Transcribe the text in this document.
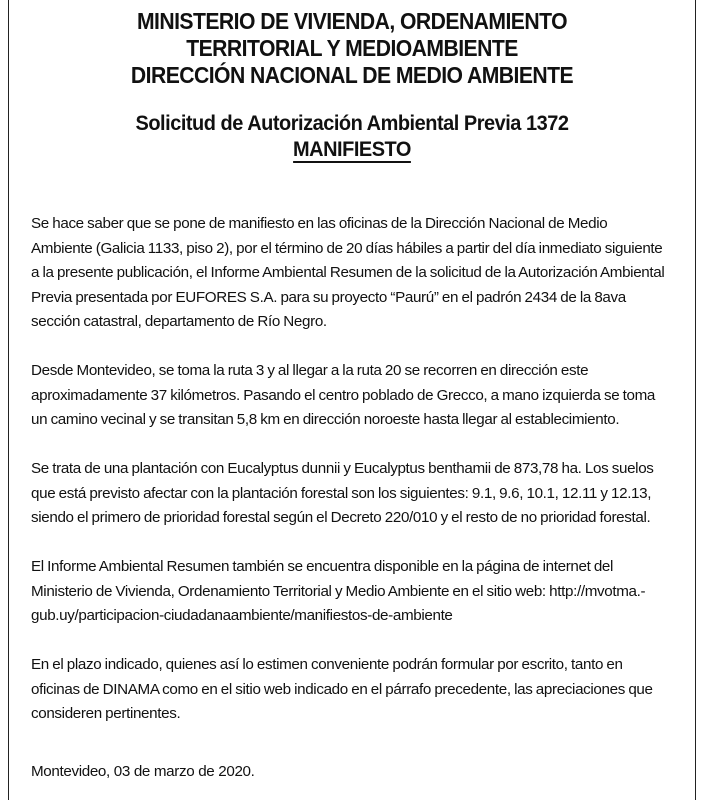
MINISTERIO DE VIVIENDA, ORDENAMIENTO
TERRITORIAL Y MEDIOAMBIENTE
DIRECCIÓN NACIONAL DE MEDIO AMBIENTE
Solicitud de Autorización Ambiental Previa 1372
MANIFIESTO

Se hace saber que se pone de manifiesto en las oficinas de la Dirección Nacional de Medio Ambiente (Galicia 1133, piso 2), por el término de 20 días hábiles a partir del día inmediato siguiente a la presente publicación, el Informe Ambiental Resumen de la solicitud de la Autorización Ambiental Previa presentada por EUFORES S.A. para su proyecto “Paurú” en el padrón 2434 de la 8ava sección catastral, departamento de Río Negro.

Desde Montevideo, se toma la ruta 3 y al llegar a la ruta 20 se recorren en dirección este aproximadamente 37 kilómetros. Pasando el centro poblado de Grecco, a mano izquierda se toma un camino vecinal y se transitan 5,8 km en dirección noroeste hasta llegar al establecimiento.

Se trata de una plantación con Eucalyptus dunnii y Eucalyptus benthamii de 873,78 ha. Los suelos que está previsto afectar con la plantación forestal son los siguientes: 9.1, 9.6, 10.1, 12.11 y 12.13, siendo el primero de prioridad forestal según el Decreto 220/010 y el resto de no prioridad forestal.

El Informe Ambiental Resumen también se encuentra disponible en la página de internet del Ministerio de Vivienda, Ordenamiento Territorial y Medio Ambiente en el sitio web: http://mvotma.-gub.uy/participacion-ciudadanaambiente/manifiestos-de-ambiente

En el plazo indicado, quienes así lo estimen conveniente podrán formular por escrito, tanto en oficinas de DINAMA como en el sitio web indicado en el párrafo precedente, las apreciaciones que consideren pertinentes.

Montevideo, 03 de marzo de 2020.
